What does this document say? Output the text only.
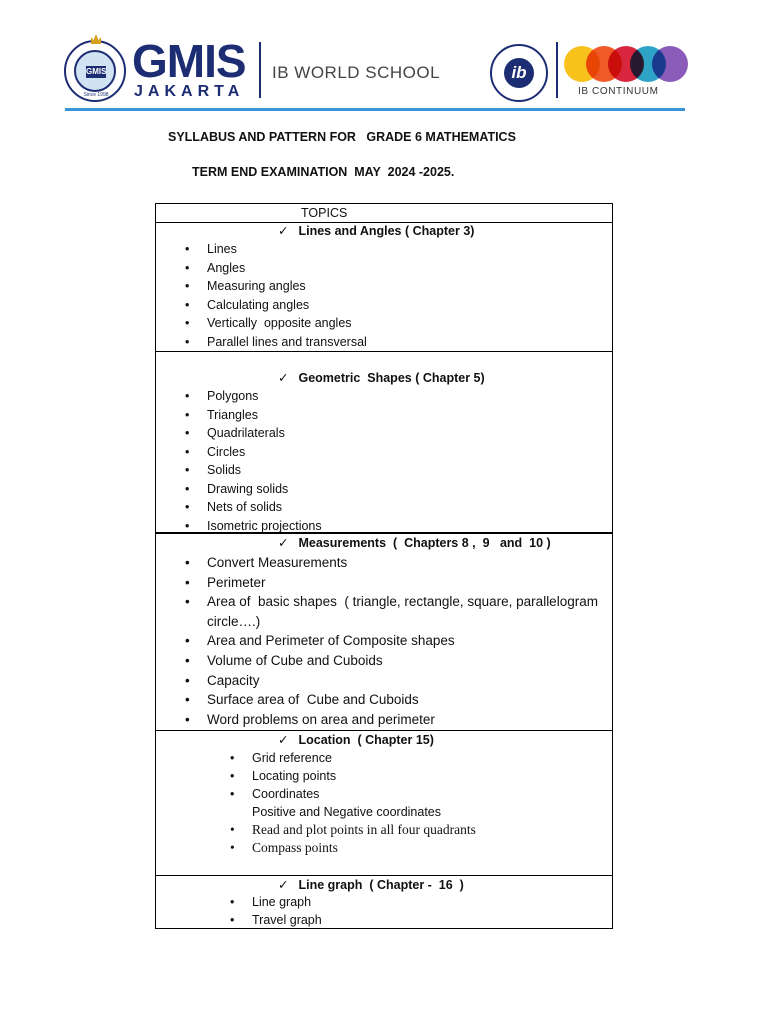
GMIS
Since 1998
GMIS
JAKARTA
IB WORLD SCHOOL	ib
IB CONTINUUM
SYLLABUS AND PATTERN FOR   GRADE 6 MATHEMATICS
TERM END EXAMINATION  MAY  2024 -2025.
TOPICS
✓ Lines and Angles ( Chapter 3)
• Lines
• Angles
• Measuring angles
• Calculating angles
• Vertically  opposite angles
• Parallel lines and transversal
✓ Geometric  Shapes ( Chapter 5)
• Polygons
• Triangles
• Quadrilaterals
• Circles
• Solids
• Drawing solids
• Nets of solids
• Isometric projections
✓ Measurements  (  Chapters 8 ,  9   and  10 )
• Convert Measurements
• Perimeter
• Area of  basic shapes  ( triangle, rectangle, square, parallelogram
circle….)
• Area and Perimeter of Composite shapes
• Volume of Cube and Cuboids
• Capacity
• Surface area of  Cube and Cuboids
• Word problems on area and perimeter
✓ Location  ( Chapter 15)
• Grid reference
• Locating points
• Coordinates
Positive and Negative coordinates
• Read and plot points in all four quadrants
• Compass points
✓ Line graph  ( Chapter -  16  )
• Line graph
• Travel graph
